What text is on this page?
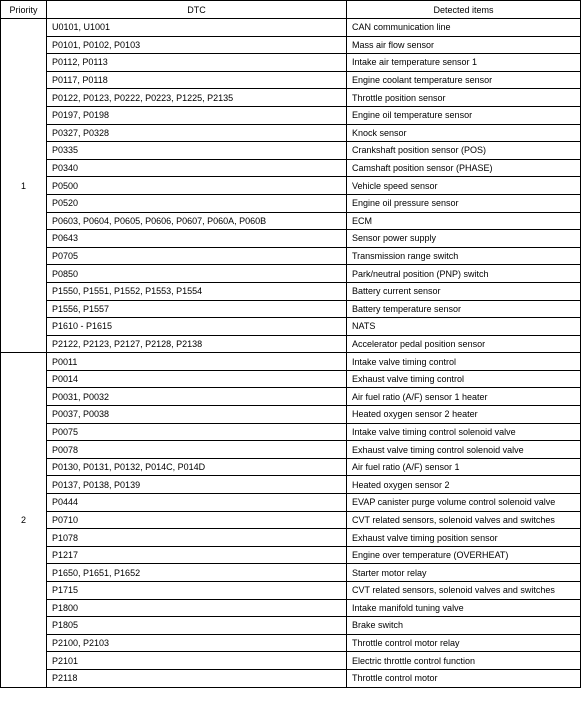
Priority	DTC	Detected items
1	U0101, U1001	CAN communication line
	P0101, P0102, P0103	Mass air flow sensor
	P0112, P0113	Intake air temperature sensor 1
	P0117, P0118	Engine coolant temperature sensor
	P0122, P0123, P0222, P0223, P1225, P2135	Throttle position sensor
	P0197, P0198	Engine oil temperature sensor
	P0327, P0328	Knock sensor
	P0335	Crankshaft position sensor (POS)
	P0340	Camshaft position sensor (PHASE)
	P0500	Vehicle speed sensor
	P0520	Engine oil pressure sensor
	P0603, P0604, P0605, P0606, P0607, P060A, P060B	ECM
	P0643	Sensor power supply
	P0705	Transmission range switch
	P0850	Park/neutral position (PNP) switch
	P1550, P1551, P1552, P1553, P1554	Battery current sensor
	P1556, P1557	Battery temperature sensor
	P1610 - P1615	NATS
	P2122, P2123, P2127, P2128, P2138	Accelerator pedal position sensor
2	P0011	Intake valve timing control
	P0014	Exhaust valve timing control
	P0031, P0032	Air fuel ratio (A/F) sensor 1 heater
	P0037, P0038	Heated oxygen sensor 2 heater
	P0075	Intake valve timing control solenoid valve
	P0078	Exhaust valve timing control solenoid valve
	P0130, P0131, P0132, P014C, P014D	Air fuel ratio (A/F) sensor 1
	P0137, P0138, P0139	Heated oxygen sensor 2
	P0444	EVAP canister purge volume control solenoid valve
	P0710	CVT related sensors, solenoid valves and switches
	P1078	Exhaust valve timing position sensor
	P1217	Engine over temperature (OVERHEAT)
	P1650, P1651, P1652	Starter motor relay
	P1715	CVT related sensors, solenoid valves and switches
	P1800	Intake manifold tuning valve
	P1805	Brake switch
	P2100, P2103	Throttle control motor relay
	P2101	Electric throttle control function
	P2118	Throttle control motor
